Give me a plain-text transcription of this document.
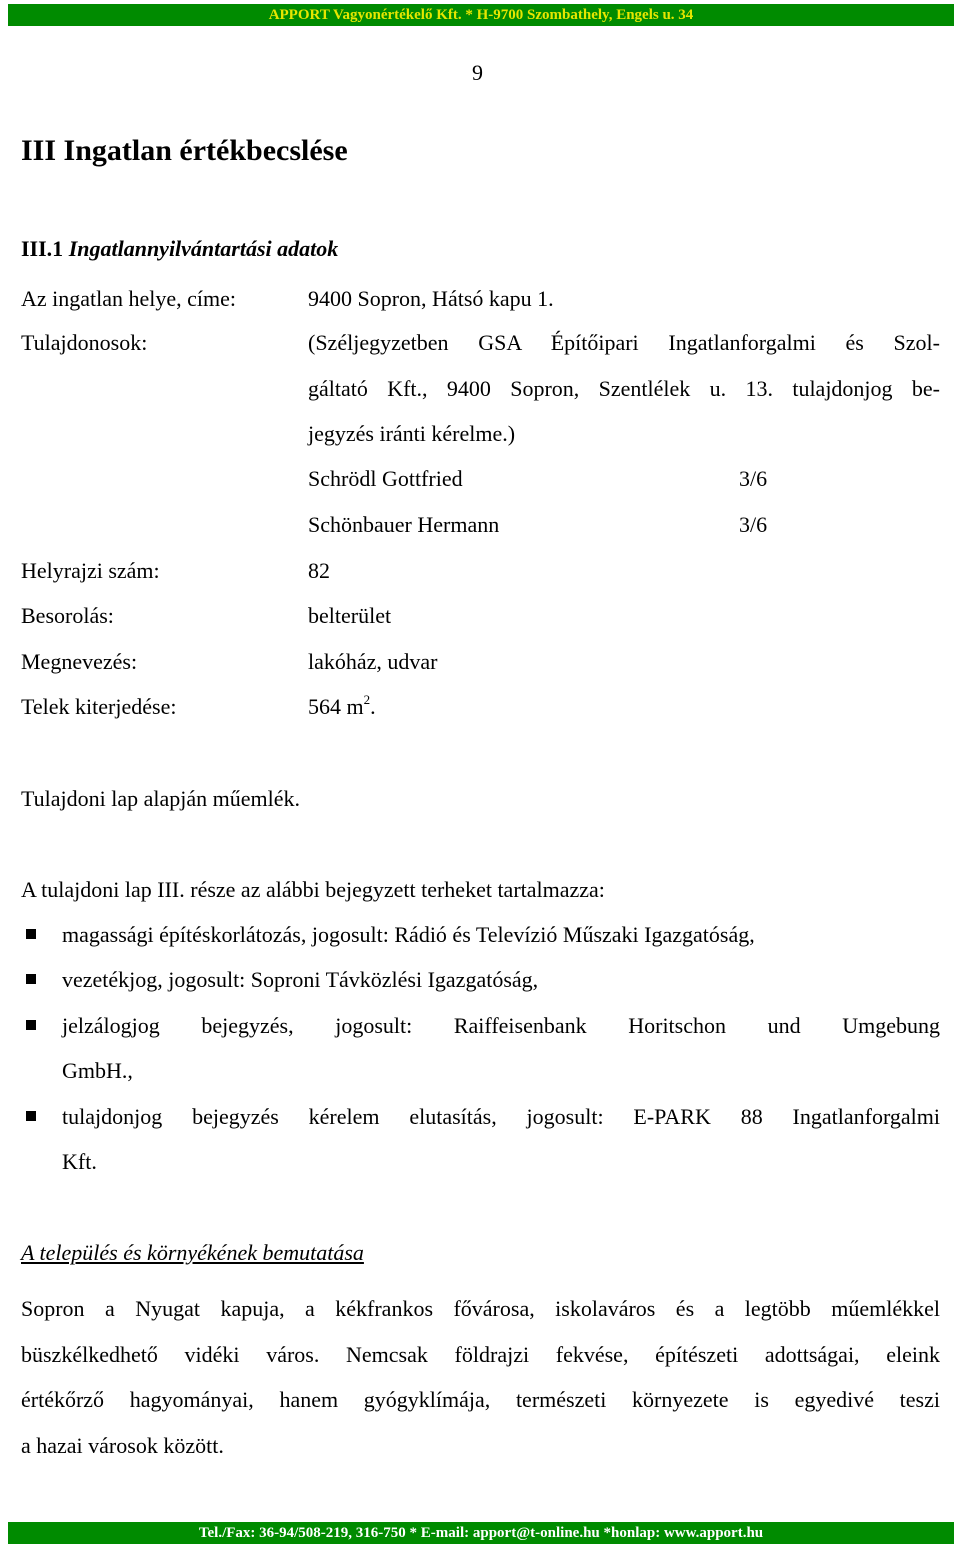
APPORT Vagyonértékelő Kft. * H-9700 Szombathely, Engels u. 34
9
III Ingatlan értékbecslése
III.1 Ingatlannyilvántartási adatok
Az ingatlan helye, címe:	9400 Sopron, Hátsó kapu 1.
Tulajdonosok:	(Széljegyzetben GSA Építőipari Ingatlanforgalmi és Szol-
gáltató Kft., 9400 Sopron, Szentlélek u. 13. tulajdonjog be-
jegyzés iránti kérelme.)
Schrödl Gottfried	3/6
Schönbauer Hermann	3/6
Helyrajzi szám:	82
Besorolás:	belterület
Megnevezés:	lakóház, udvar
Telek kiterjedése:	564 $m^2$.
Tulajdoni lap alapján műemlék.
A tulajdoni lap III. része az alábbi bejegyzett terheket tartalmazza:
magassági építéskorlátozás, jogosult: Rádió és Televízió Műszaki Igazgatóság,
vezetékjog, jogosult: Soproni Távközlési Igazgatóság,
jelzálogjog bejegyzés, jogosult: Raiffeisenbank Horitschon und Umgebung
GmbH.,
tulajdonjog bejegyzés kérelem elutasítás, jogosult: E-PARK 88 Ingatlanforgalmi
Kft.
A település és környékének bemutatása
Sopron a Nyugat kapuja, a kékfrankos fővárosa, iskolaváros és a legtöbb műemlékkel
büszkélkedhető vidéki város. Nemcsak földrajzi fekvése, építészeti adottságai, eleink
értékőrző hagyományai, hanem gyógyklímája, természeti környezete is egyedivé teszi
a hazai városok között.
Tel./Fax: 36-94/508-219, 316-750 * E-mail: apport@t-online.hu *honlap: www.apport.hu
